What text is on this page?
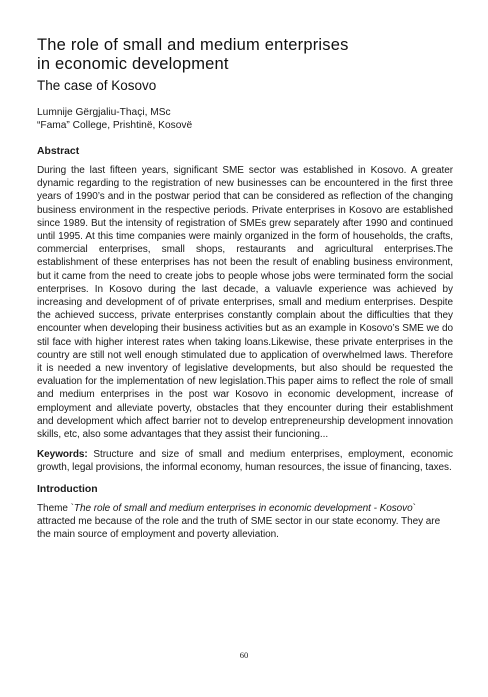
The role of small and medium enterprises
in economic development
The case of Kosovo
Lumnije Gërgjaliu-Thaçi, MSc
“Fama” College, Prishtinë, Kosovë
Abstract

During the last fifteen years, significant SME sector was established in Kosovo. A greater dynamic regarding to the registration of new businesses can be encountered in the first three years of 1990’s and in the postwar period that can be considered as reflection of the changing business environment in the respective periods. Private enterprises in Kosovo are established since 1989. But the intensity of registration of SMEs grew separately after 1990 and continued until 1995. At this time companies were mainly organized in the form of households, the crafts, commercial enterprises, small shops, restaurants and agricultural enterprises.The establishment of these enterprises has not been the result of enabling business environment, but it came from the need to create jobs to people whose jobs were terminated form the social enterprises. In Kosovo during the last decade, a valuavle experience was achieved by increasing and development of of private enterprises, small and medium enterprises. Despite the achieved success, private enterprises constantly complain about the difficulties that they encounter when developing their business activities but as an example in Kosovo’s SME we do stil face with higher interest rates when taking loans.Likewise, these private enterprises in the country are still not well enough stimulated due to application of overwhelmed laws. Therefore it is needed a new inventory of legislative developments, but also should be requested the evaluation for the implementation of new legislation.This paper aims to reflect the role of small and medium enterprises in the post war Kosovo in economic development, increase of employment and alleviate poverty, obstacles that they encounter during their establishment and development which affect barrier not to develop entrepreneurship development innovation skills, etc, also some advantages that they assist their funcioning...

Keywords: Structure and size of small and medium enterprises, employment, economic growth, legal provisions, the informal economy, human resources, the issue of financing, taxes.

Introduction

Theme `The role of small and medium enterprises in economic development - Kosovo` attracted me because of the role and the truth of SME sector in our state economy. They are the main source of employment and poverty alleviation.

60
